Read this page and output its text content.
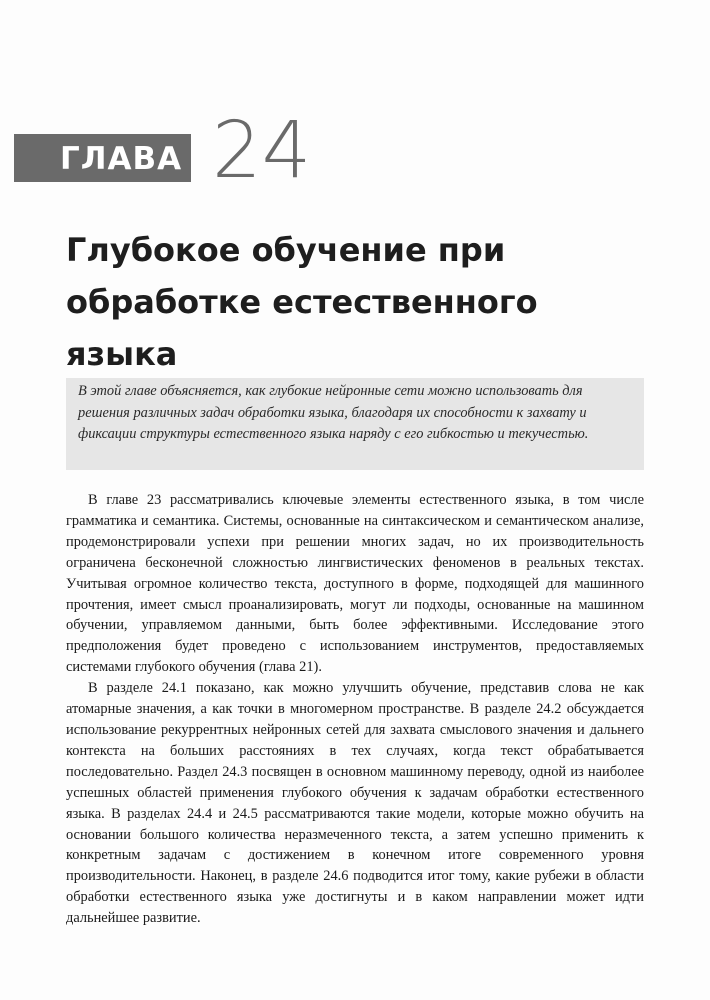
ГЛАВА 24
Глубокое обучение при обработке естественного языка

В этой главе объясняется, как глубокие нейронные сети можно использовать для решения различных задач обработки языка, благодаря их способности к захвату и фиксации структуры естественного языка наряду с его гибкостью и текучестью.

В главе 23 рассматривались ключевые элементы естественного языка, в том числе грамматика и семантика. Системы, основанные на синтаксическом и семантическом анализе, продемонстрировали успехи при решении многих задач, но их производительность ограничена бесконечной сложностью лингвистических феноменов в реальных текстах. Учитывая огромное количество текста, доступного в форме, подходящей для машинного прочтения, имеет смысл проанализировать, могут ли подходы, основанные на машинном обучении, управляемом данными, быть более эффективными. Исследование этого предположения будет проведено с использованием инструментов, предоставляемых системами глубокого обучения (глава 21).

В разделе 24.1 показано, как можно улучшить обучение, представив слова не как атомарные значения, а как точки в многомерном пространстве. В разделе 24.2 обсуждается использование рекуррентных нейронных сетей для захвата смыслового значения и дальнего контекста на больших расстояниях в тех случаях, когда текст обрабатывается последовательно. Раздел 24.3 посвящен в основном машинному переводу, одной из наиболее успешных областей применения глубокого обучения к задачам обработки естественного языка. В разделах 24.4 и 24.5 рассматриваются такие модели, которые можно обучить на основании большого количества неразмеченного текста, а затем успешно применить к конкретным задачам с достижением в конечном итоге современного уровня производительности. Наконец, в разделе 24.6 подводится итог тому, какие рубежи в области обработки естественного языка уже достигнуты и в каком направлении может идти дальнейшее развитие.
